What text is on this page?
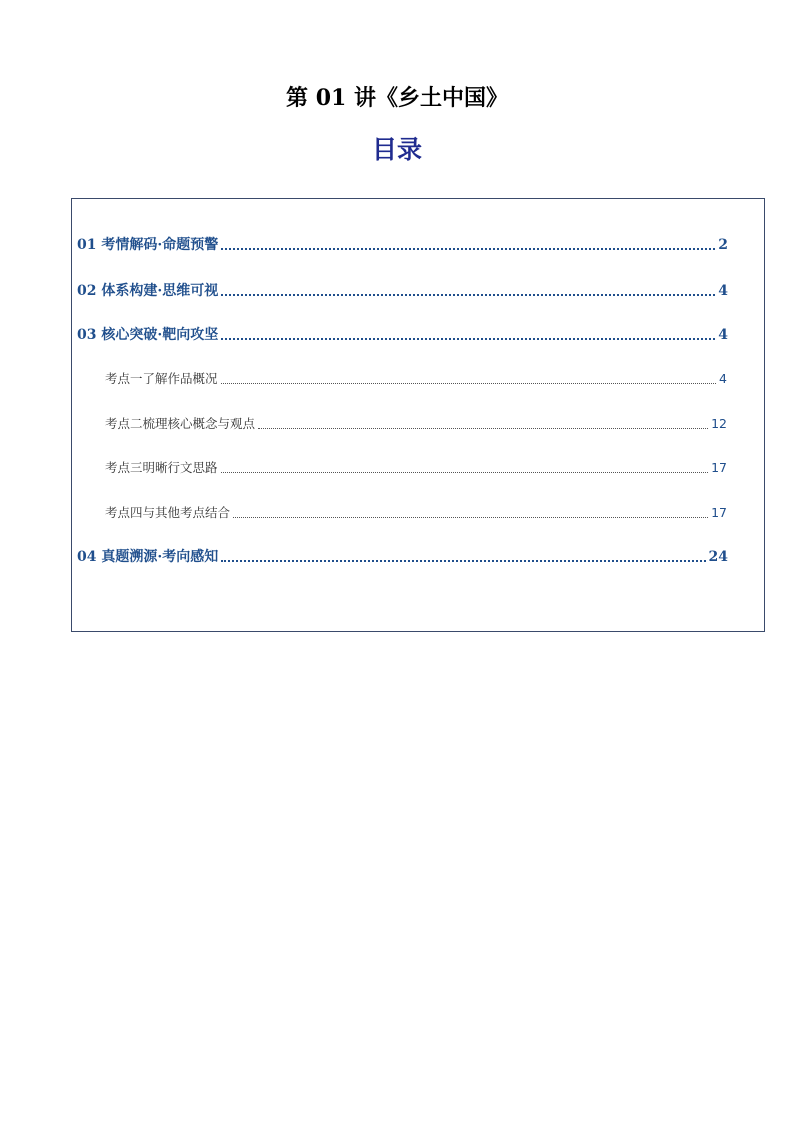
第 01 讲《乡土中国》
目录
01 考情解码·命题预警	2
02 体系构建·思维可视	4
03 核心突破·靶向攻坚	4
考点一了解作品概况	4
考点二梳理核心概念与观点	12
考点三明晰行文思路	17
考点四与其他考点结合	17
04 真题溯源·考向感知	24
